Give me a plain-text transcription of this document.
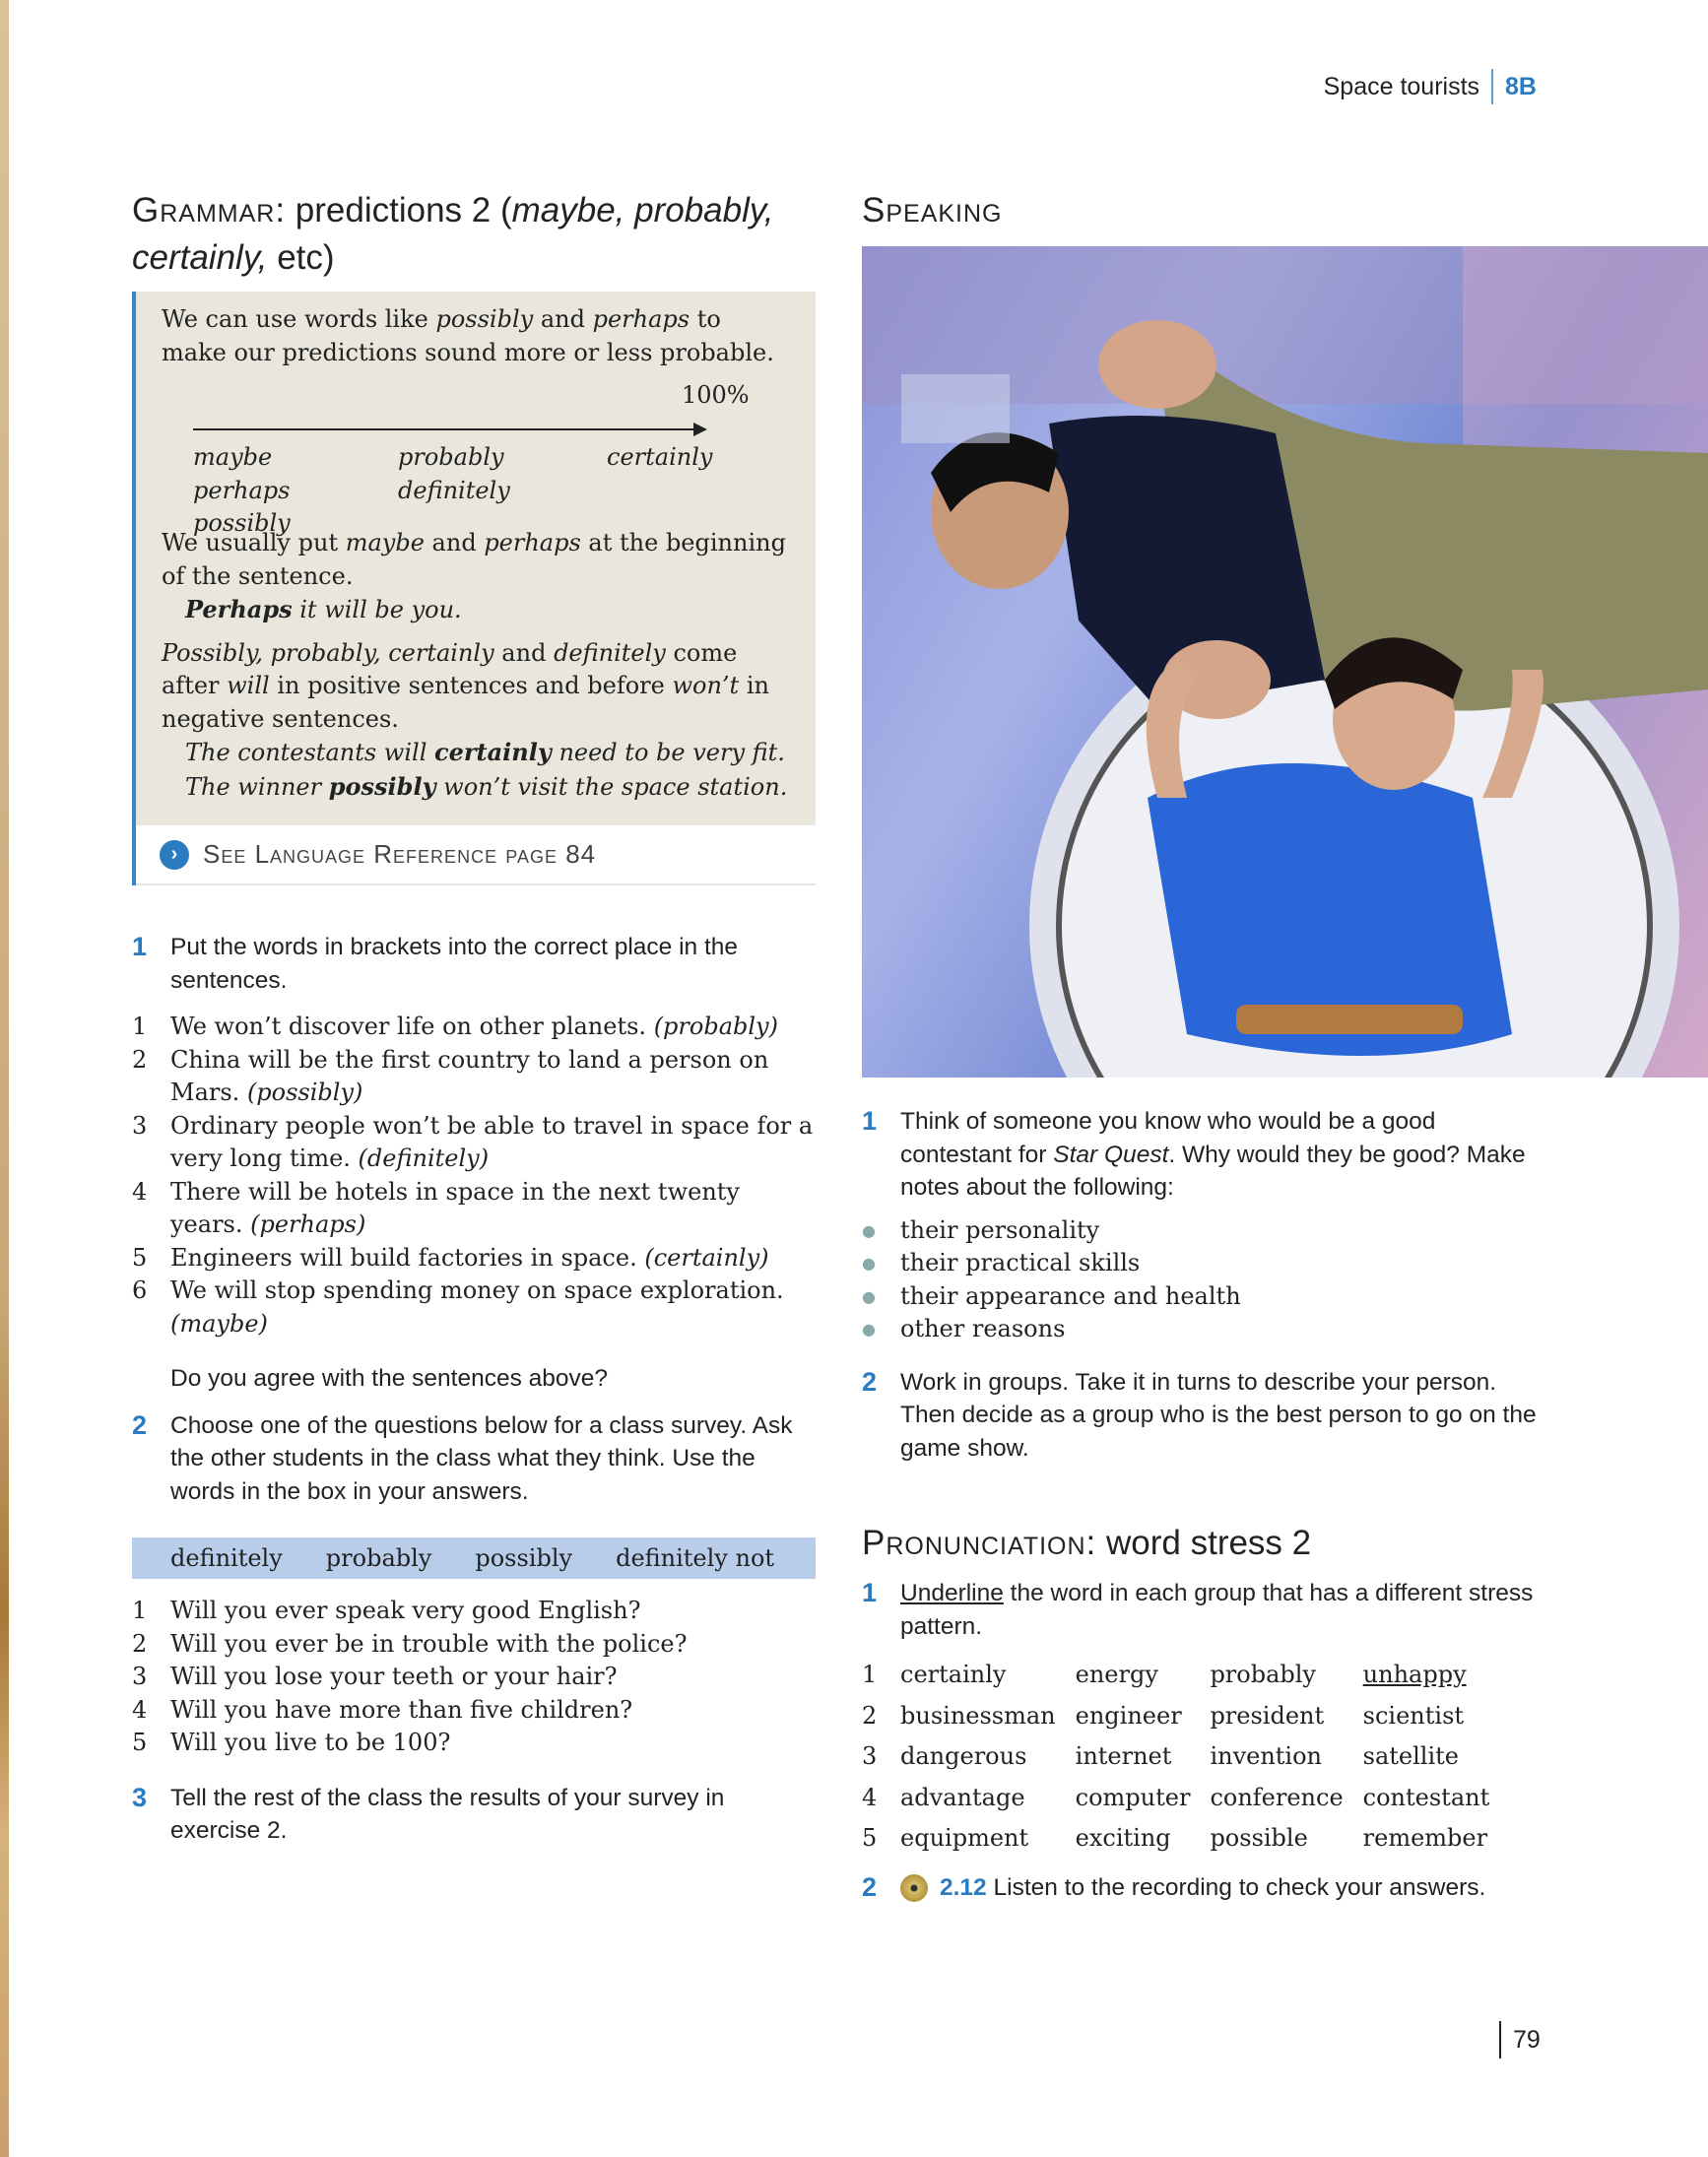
Space tourists 8B
Grammar: predictions 2 (maybe, probably, certainly, etc)

We can use words like possibly and perhaps to make our predictions sound more or less probable.

100%
maybe
perhaps
possibly
probably
definitely
certainly

We usually put maybe and perhaps at the beginning of the sentence.
Perhaps it will be you.

Possibly, probably, certainly and definitely come after will in positive sentences and before won’t in negative sentences.
The contestants will certainly need to be very fit.
The winner possibly won’t visit the space station.

› See Language Reference page 84
1 Put the words in brackets into the correct place in the sentences.
1 We won’t discover life on other planets. (probably)
2 China will be the first country to land a person on Mars. (possibly)
3 Ordinary people won’t be able to travel in space for a very long time. (definitely)
4 There will be hotels in space in the next twenty years. (perhaps)
5 Engineers will build factories in space. (certainly)
6 We will stop spending money on space exploration. (maybe)
Do you agree with the sentences above?
2 Choose one of the questions below for a class survey. Ask the other students in the class what they think. Use the words in the box in your answers.
definitely probably possibly definitely not
1 Will you ever speak very good English?
2 Will you ever be in trouble with the police?
3 Will you lose your teeth or your hair?
4 Will you have more than five children?
5 Will you live to be 100?
3 Tell the rest of the class the results of your survey in exercise 2.
Speaking
1 Think of someone you know who would be a good contestant for Star Quest. Why would they be good? Make notes about the following:
●	their personality
●	their practical skills
●	their appearance and health
●	other reasons
2 Work in groups. Take it in turns to describe your person. Then decide as a group who is the best person to go on the game show.
Pronunciation: word stress 2
1 Underline the word in each group that has a different stress pattern.
1	certainly	energy	probably	unhappy
2	businessman	engineer	president	scientist
3	dangerous	internet	invention	satellite
4	advantage	computer	conference	contestant
5	equipment	exciting	possible	remember
2	2.12 Listen to the recording to check your answers.
79
